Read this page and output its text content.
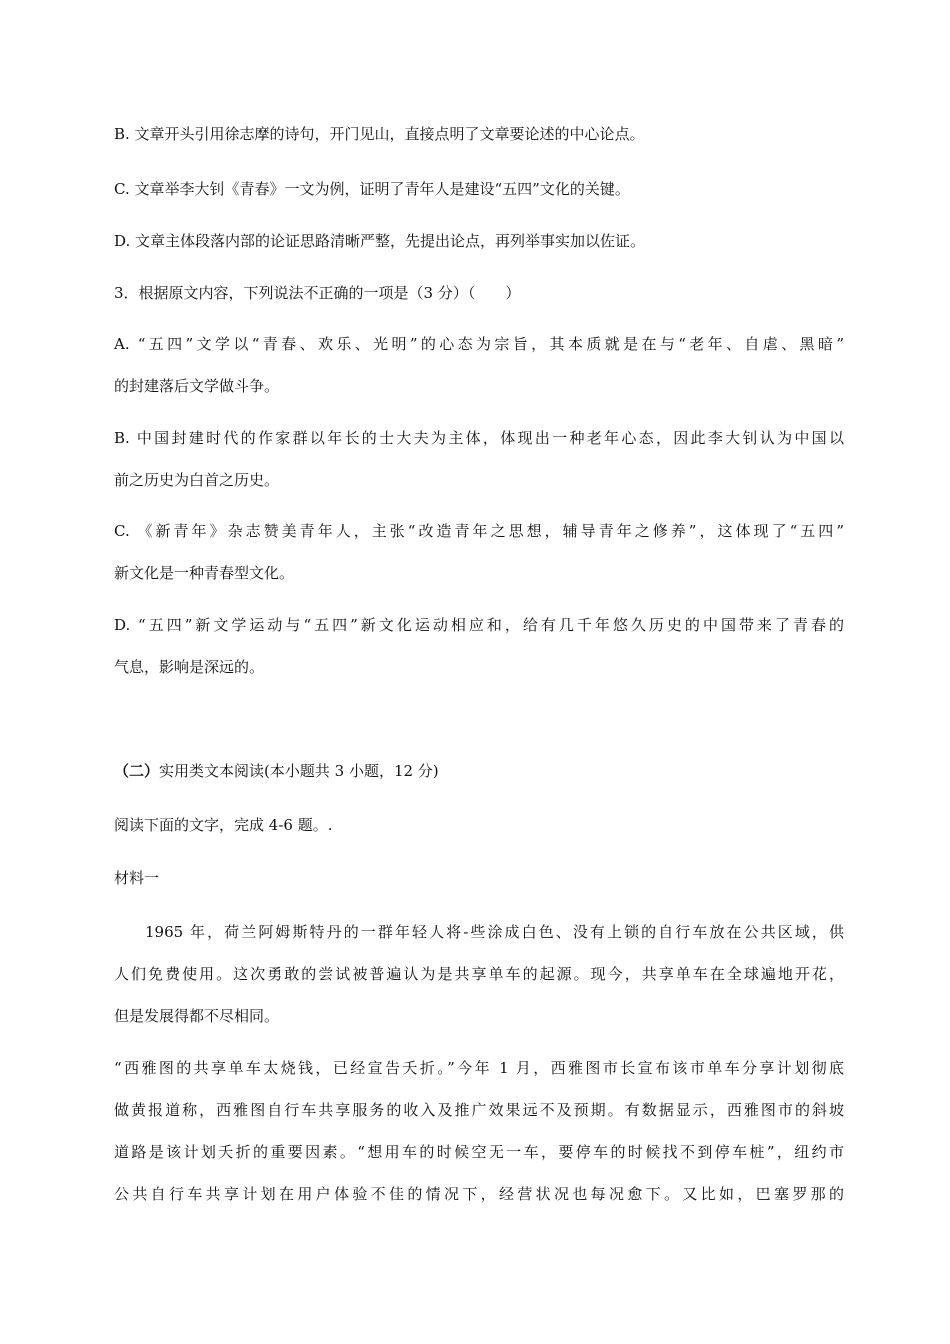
B. 文章开头引用徐志摩的诗句，开门见山，直接点明了文章要论述的中心论点。
C. 文章举李大钊《青春》一文为例，证明了青年人是建设“五四”文化的关键。
D. 文章主体段落内部的论证思路清晰严整，先提出论点，再列举事实加以佐证。
3．根据原文内容，下列说法不正确的一项是（3 分）（　　）
A. “五四”文学以“青春、欢乐、光明”的心态为宗旨，其本质就是在与“老年、自虐、黑暗”
的封建落后文学做斗争。
B. 中国封建时代的作家群以年长的士大夫为主体，体现出一种老年心态，因此李大钊认为中国以
前之历史为白首之历史。
C. 《新青年》杂志赞美青年人，主张“改造青年之思想，辅导青年之修养”，这体现了“五四”
新文化是一种青春型文化。
D. “五四”新文学运动与“五四”新文化运动相应和，给有几千年悠久历史的中国带来了青春的
气息，影响是深远的。
（二）实用类文本阅读(本小题共 3 小题，12 分)
阅读下面的文字，完成 4-6 题。.
材料一
1965 年，荷兰阿姆斯特丹的一群年轻人将-些涂成白色、没有上锁的自行车放在公共区域，供
人们免费使用。这次勇敢的尝试被普遍认为是共享单车的起源。现今，共享单车在全球遍地开花，
但是发展得都不尽相同。
“西雅图的共享单车太烧钱，已经宣告夭折。”今年 1 月，西雅图市长宣布该市单车分享计划彻底
做黄报道称，西雅图自行车共享服务的收入及推广效果远不及预期。有数据显示，西雅图市的斜坡
道路是该计划夭折的重要因素。“想用车的时候空无一车，要停车的时候找不到停车桩”，纽约市
公共自行车共享计划在用户体验不佳的情况下，经营状况也每况愈下。又比如，巴塞罗那的
